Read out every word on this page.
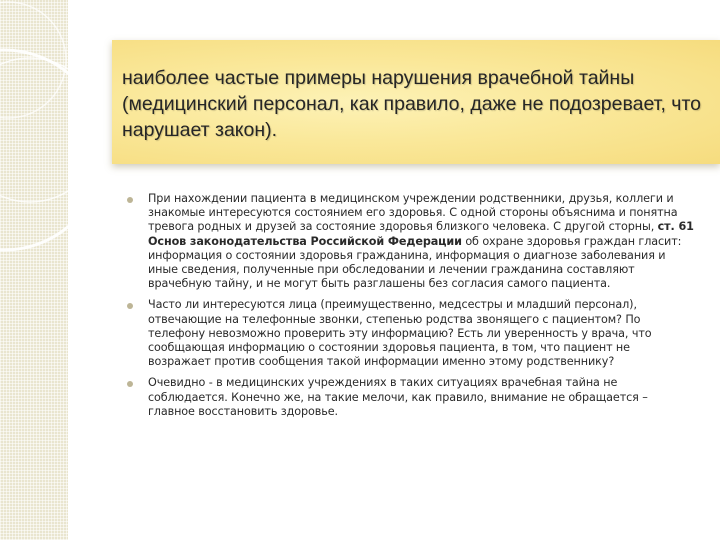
наиболее частые примеры нарушения врачебной тайны (медицинский персонал, как правило, даже не подозревает, что нарушает закон).

При нахождении пациента в медицинском учреждении родственники, друзья, коллеги и знакомые интересуются состоянием его здоровья. С одной стороны объяснима и понятна тревога родных и друзей за состояние здоровья близкого человека. С другой сторны, ст. 61 Основ законодательства Российской Федерации об охране здоровья граждан гласит: информация о состоянии здоровья гражданина, информация о диагнозе заболевания и иные сведения, полученные при обследовании и лечении гражданина составляют врачебную тайну, и не могут быть разглашены без согласия самого пациента.
Часто ли интересуются лица (преимущественно, медсестры и младший персонал), отвечающие на телефонные звонки, степенью родства звонящего с пациентом? По телефону невозможно проверить эту информацию? Есть ли уверенность у врача, что сообщающая информацию о состоянии здоровья пациента, в том, что пациент не возражает против сообщения такой информации именно этому родственнику?
Очевидно - в медицинских учреждениях в таких ситуациях врачебная тайна не соблюдается. Конечно же, на такие мелочи, как правило, внимание не обращается – главное восстановить здоровье.
